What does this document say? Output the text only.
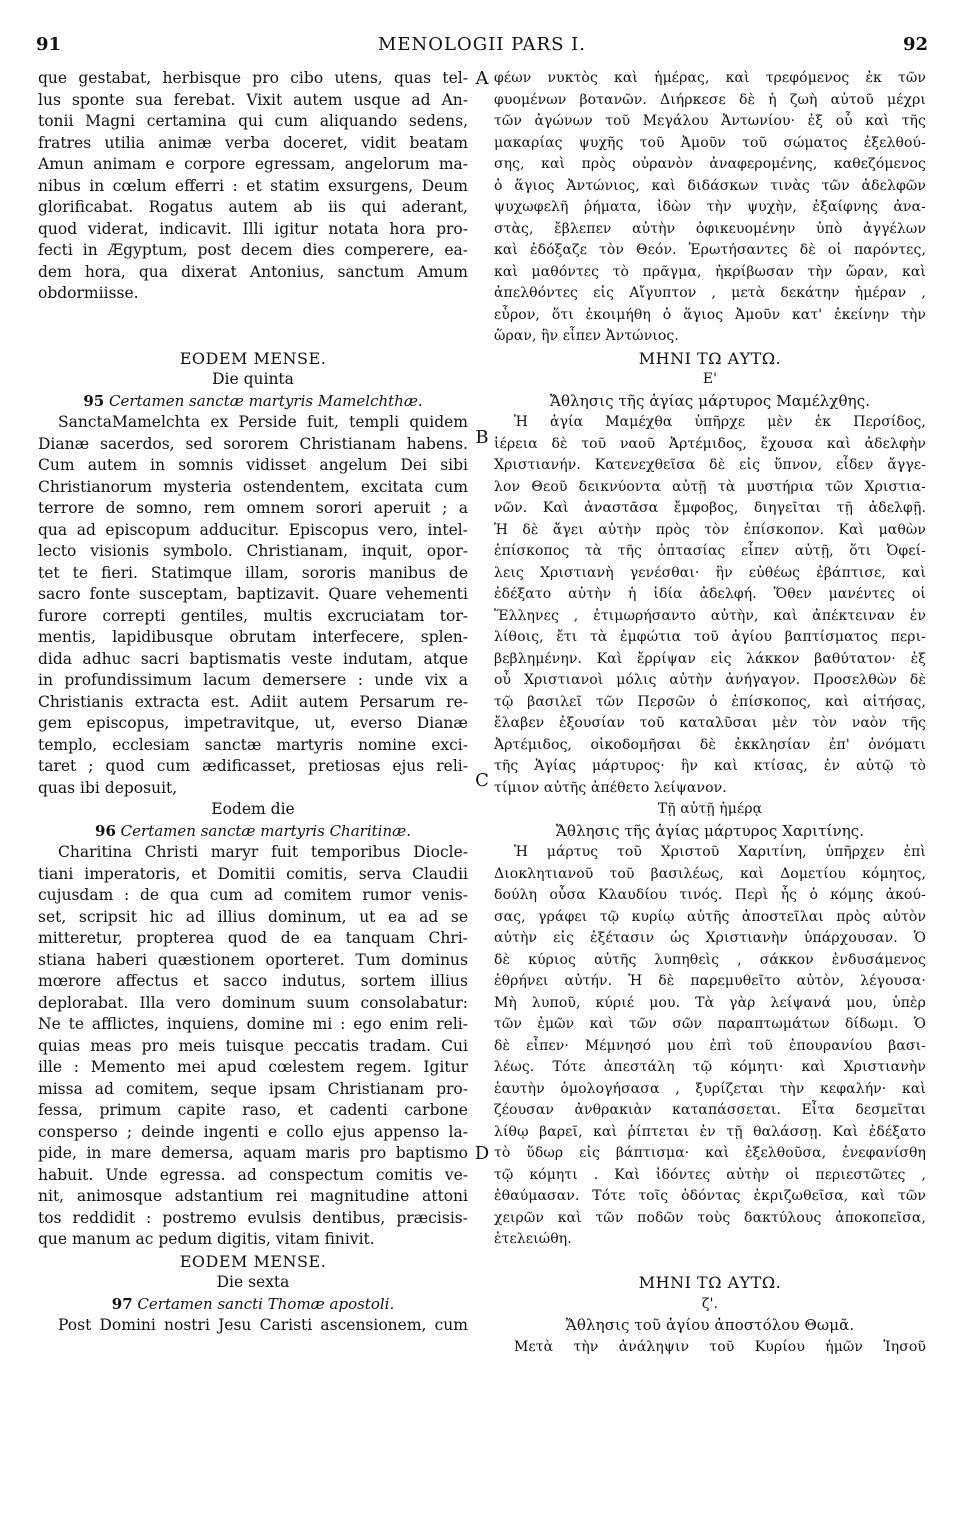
91	MENOLOGII PARS I.	92
que gestabat, herbisque pro cibo utens, quas tel-
lus sponte sua ferebat. Vixit autem usque ad An-
tonii Magni certamina qui cum aliquando sedens,
fratres utilia animæ verba doceret, vidit beatam
Amun animam e corpore egressam, angelorum ma-
nibus in cœlum efferri : et statim exsurgens, Deum
glorificabat. Rogatus autem ab iis qui aderant,
quod viderat, indicavit. Illi igitur notata hora pro-
fecti in Ægyptum, post decem dies comperere, ea-
dem hora, qua dixerat Antonius, sanctum Amum
obdormiisse.
EODEM MENSE.
Die quinta
95 Certamen sanctæ martyris Mamelchthæ.
SanctaMamelchta ex Perside fuit, templi quidem
Dianæ sacerdos, sed sororem Christianam habens.
Cum autem in somnis vidisset angelum Dei sibi
Christianorum mysteria ostendentem, excitata cum
terrore de somno, rem omnem sorori aperuit ; a
qua ad episcopum adducitur. Episcopus vero, intel-
lecto visionis symbolo. Christianam, inquit, opor-
tet te fieri. Statimque illam, sororis manibus de
sacro fonte susceptam, baptizavit. Quare vehementi
furore correpti gentiles, multis excruciatam tor-
mentis, lapidibusque obrutam interfecere, splen-
dida adhuc sacri baptismatis veste indutam, atque
in profundissimum lacum demersere : unde vix a
Christianis extracta est. Adiit autem Persarum re-
gem episcopus, impetravitque, ut, everso Dianæ
templo, ecclesiam sanctæ martyris nomine exci-
taret ; quod cum ædificasset, pretiosas ejus reli-
quas ibi deposuit,
Eodem die
96 Certamen sanctæ martyris Charitinæ.
Charitina Christi maryr fuit temporibus Diocle-
tiani imperatoris, et Domitii comitis, serva Claudii
cujusdam : de qua cum ad comitem rumor venis-
set, scripsit hic ad illius dominum, ut ea ad se
mitteretur, propterea quod de ea tanquam Chri-
stiana haberi quæstionem oporteret. Tum dominus
mœrore affectus et sacco indutus, sortem illius
deplorabat. Illa vero dominum suum consolabatur:
Ne te afflictes, inquiens, domine mi : ego enim reli-
quias meas pro meis tuisque peccatis tradam. Cui
ille : Memento mei apud cœlestem regem. Igitur
missa ad comitem, seque ipsam Christianam pro-
fessa, primum capite raso, et cadenti carbone
consperso ; deinde ingenti e collo ejus appenso la-
pide, in mare demersa, aquam maris pro baptismo
habuit. Unde egressa. ad conspectum comitis ve-
nit, animosque adstantium rei magnitudine attoni
tos reddidit : postremo evulsis dentibus, præcisis-
que manum ac pedum digitis, vitam finivit.
EODEM MENSE.
Die sexta
97 Certamen sancti Thomæ apostoli.
Post Domini nostri Jesu Caristi ascensionem, cum
A
B
C
D
φέων νυκτὸς καὶ ἡμέρας, καὶ τρεφόμενος ἐκ τῶν
φυομένων βοτανῶν. Διήρκεσε δὲ ἡ ζωὴ αὐτοῦ μέχρι
τῶν ἀγώνων τοῦ Μεγάλου Ἀντωνίου· ἐξ οὗ καὶ τῆς
μακαρίας ψυχῆς τοῦ Ἀμοῦν τοῦ σώματος ἐξελθού-
σης, καὶ πρὸς οὐρανὸν ἀναφερομένης, καθεζόμενος
ὁ ἅγιος Ἀντώνιος, καὶ διδάσκων τινὰς τῶν ἀδελφῶν
ψυχωφελῆ ῥήματα, ἰδὼν τὴν ψυχὴν, ἐξαίφνης ἀνα-
στὰς, ἔβλεπεν αὐτὴν ὀφικευομένην ὑπὸ ἀγγέλων
καὶ ἐδόξαζε τὸν Θεόν. Ἐρωτήσαντες δὲ οἱ παρόντες,
καὶ μαθόντες τὸ πρᾶγμα, ἠκρίβωσαν τὴν ὥραν, καὶ
ἀπελθόντες εἰς Αἴγυπτον , μετὰ δεκάτην ἡμέραν ,
εὗρον, ὅτι ἐκοιμήθη ὁ ἅγιος Ἀμοῦν κατ' ἐκείνην τὴν
ὥραν, ἣν εἶπεν Ἀντώνιος.
ΜΗΝΙ ΤΩ ΑΥΤΩ.
Ε'
Ἄθλησις τῆς ἁγίας μάρτυρος Μαμέλχθης.
Ἡ ἁγία Μαμέχθα ὑπῆρχε μὲν ἐκ Περσίδος,
ἱέρεια δὲ τοῦ ναοῦ Ἀρτέμιδος, ἔχουσα καὶ ἀδελφὴν
Χριστιανήν. Κατενεχθεῖσα δὲ εἰς ὕπνον, εἶδεν ἄγγε-
λον Θεοῦ δεικνύοντα αὐτῇ τὰ μυστήρια τῶν Χριστια-
νῶν. Καὶ ἀναστᾶσα ἔμφοβος, διηγεῖται τῇ ἀδελφῇ.
Ἡ δὲ ἄγει αὐτὴν πρὸς τὸν ἐπίσκοπον. Καὶ μαθὼν
ἐπίσκοπος τὰ τῆς ὀπτασίας εἶπεν αὐτῇ, ὅτι Ὀφεί-
λεις Χριστιανὴ γενέσθαι· ἣν εὐθέως ἐβάπτισε, καὶ
ἐδέξατο αὐτὴν ἡ ἰδία ἀδελφή. Ὅθεν μανέντες οἱ
Ἕλληνες , ἐτιμωρήσαντο αὐτὴν, καὶ ἀπέκτειναν ἐν
λίθοις, ἔτι τὰ ἐμφώτια τοῦ ἁγίου βαπτίσματος περι-
βεβλημένην. Καὶ ἔρρίψαν εἰς λάκκον βαθύτατον· ἐξ
οὗ Χριστιανοὶ μόλις αὐτὴν ἀνήγαγον. Προσελθὼν δὲ
τῷ βασιλεῖ τῶν Περσῶν ὁ ἐπίσκοπος, καὶ αἰτήσας,
ἔλαβεν ἐξουσίαν τοῦ καταλῦσαι μὲν τὸν ναὸν τῆς
Ἀρτέμιδος, οἰκοδομῆσαι δὲ ἐκκλησίαν ἐπ' ὀνόματι
τῆς Ἁγίας μάρτυρος· ἣν καὶ κτίσας, ἐν αὐτῷ τὸ
τίμιον αὐτῆς ἀπέθετο λείψανον.
Τῇ αὐτῇ ἡμέρᾳ
Ἄθλησις τῆς ἁγίας μάρτυρος Χαριτίνης.
Ἡ μάρτυς τοῦ Χριστοῦ Χαριτίνη, ὑπῆρχεν ἐπὶ
Διοκλητιανοῦ τοῦ βασιλέως, καὶ Δομετίου κόμητος,
δούλη οὖσα Κλαυδίου τινός. Περὶ ἧς ὁ κόμης ἀκού-
σας, γράφει τῷ κυρίῳ αὐτῆς ἀποστεῖλαι πρὸς αὐτὸν
αὐτὴν εἰς ἐξέτασιν ὡς Χριστιανὴν ὑπάρχουσαν. Ὁ
δὲ κύριος αὐτῆς λυπηθεὶς , σάκκον ἐνδυσάμενος
ἐθρήνει αὐτήν. Ἡ δὲ παρεμυθεῖτο αὐτὸν, λέγουσα·
Μὴ λυποῦ, κύριέ μου. Τὰ γὰρ λείψανά μου, ὑπὲρ
τῶν ἐμῶν καὶ τῶν σῶν παραπτωμάτων δίδωμι. Ὁ
δὲ εἶπεν· Μέμνησό μου ἐπὶ τοῦ ἐπουρανίου βασι-
λέως. Τότε ἀπεστάλη τῷ κόμητι· καὶ Χριστιανὴν
ἑαυτὴν ὁμολογήσασα , ξυρίζεται τὴν κεφαλήν· καὶ
ζέουσαν ἀνθρακιὰν καταπάσσεται. Εἶτα δεσμεῖται
λίθῳ βαρεῖ, καὶ ῥίπτεται ἐν τῇ θαλάσσῃ. Καὶ ἐδέξατο
τὸ ὕδωρ εἰς βάπτισμα· καὶ ἐξελθοῦσα, ἐνεφανίσθη
τῷ κόμητι . Καὶ ἰδόντες αὐτὴν οἱ περιεστῶτες ,
ἐθαύμασαν. Τότε τοῖς ὀδόντας ἐκριζωθεῖσα, καὶ τῶν
χειρῶν καὶ τῶν ποδῶν τοὺς δακτύλους ἀποκοπεῖσα,
ἐτελειώθη.
ΜΗΝΙ ΤΩ ΑΥΤΩ.
ζ'.
Ἄθλησις τοῦ ἁγίου ἀποστόλου Θωμᾶ.
Μετὰ τὴν ἀνάληψιν τοῦ Κυρίου ἡμῶν Ἰησοῦ
